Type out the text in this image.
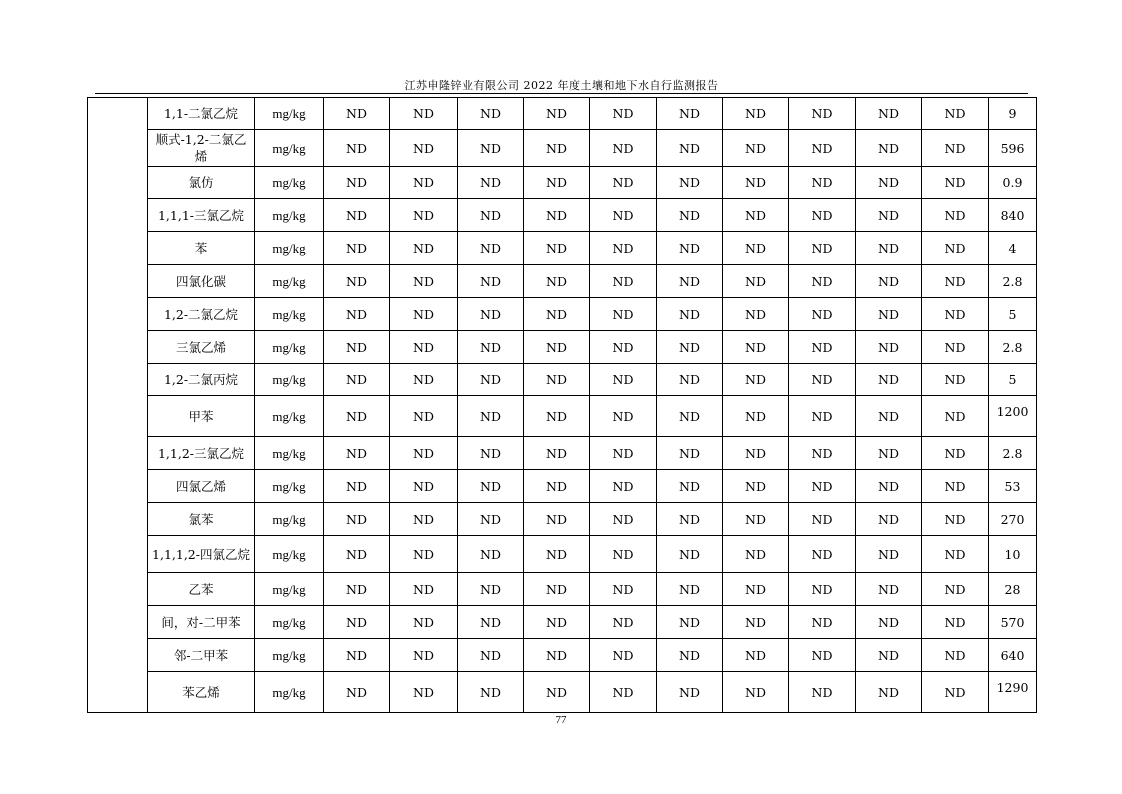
江苏申隆锌业有限公司 2022 年度土壤和地下水自行监测报告
	1,1-二氯乙烷	mg/kg	ND	ND	ND	ND	ND	ND	ND	ND	ND	ND	9
	顺式-1,2-二氯乙烯	mg/kg	ND	ND	ND	ND	ND	ND	ND	ND	ND	ND	596
	氯仿	mg/kg	ND	ND	ND	ND	ND	ND	ND	ND	ND	ND	0.9
	1,1,1-三氯乙烷	mg/kg	ND	ND	ND	ND	ND	ND	ND	ND	ND	ND	840
	苯	mg/kg	ND	ND	ND	ND	ND	ND	ND	ND	ND	ND	4
	四氯化碳	mg/kg	ND	ND	ND	ND	ND	ND	ND	ND	ND	ND	2.8
	1,2-二氯乙烷	mg/kg	ND	ND	ND	ND	ND	ND	ND	ND	ND	ND	5
	三氯乙烯	mg/kg	ND	ND	ND	ND	ND	ND	ND	ND	ND	ND	2.8
	1,2-二氯丙烷	mg/kg	ND	ND	ND	ND	ND	ND	ND	ND	ND	ND	5
	甲苯	mg/kg	ND	ND	ND	ND	ND	ND	ND	ND	ND	ND	1200
	1,1,2-三氯乙烷	mg/kg	ND	ND	ND	ND	ND	ND	ND	ND	ND	ND	2.8
	四氯乙烯	mg/kg	ND	ND	ND	ND	ND	ND	ND	ND	ND	ND	53
	氯苯	mg/kg	ND	ND	ND	ND	ND	ND	ND	ND	ND	ND	270
	1,1,1,2-四氯乙烷	mg/kg	ND	ND	ND	ND	ND	ND	ND	ND	ND	ND	10
	乙苯	mg/kg	ND	ND	ND	ND	ND	ND	ND	ND	ND	ND	28
	间，对-二甲苯	mg/kg	ND	ND	ND	ND	ND	ND	ND	ND	ND	ND	570
	邻-二甲苯	mg/kg	ND	ND	ND	ND	ND	ND	ND	ND	ND	ND	640
	苯乙烯	mg/kg	ND	ND	ND	ND	ND	ND	ND	ND	ND	ND	1290
77
